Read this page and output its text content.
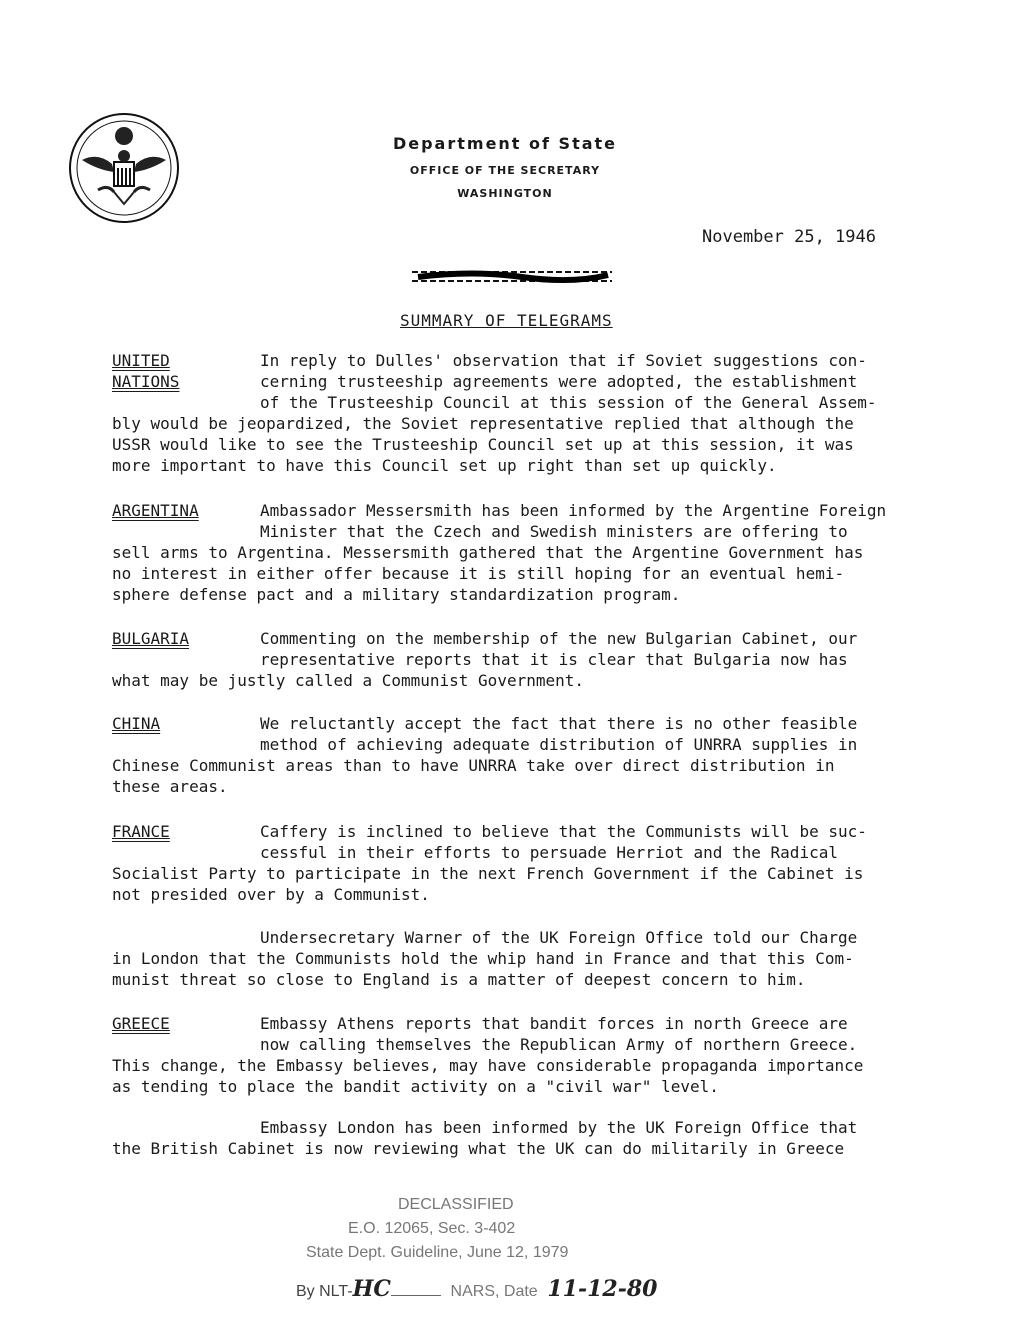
Department of State
OFFICE OF THE SECRETARY
WASHINGTON
November 25, 1946
SUMMARY OF TELEGRAMS
UNITED
NATIONS
In reply to Dulles' observation that if Soviet suggestions con-
cerning trusteeship agreements were adopted, the establishment
of the Trusteeship Council at this session of the General Assem-
bly would be jeopardized, the Soviet representative replied that although the
USSR would like to see the Trusteeship Council set up at this session, it was
more important to have this Council set up right than set up quickly.
ARGENTINA	Ambassador Messersmith has been informed by the Argentine Foreign
Minister that the Czech and Swedish ministers are offering to
sell arms to Argentina. Messersmith gathered that the Argentine Government has
no interest in either offer because it is still hoping for an eventual hemi-
sphere defense pact and a military standardization program.
BULGARIA	Commenting on the membership of the new Bulgarian Cabinet, our
representative reports that it is clear that Bulgaria now has
what may be justly called a Communist Government.
CHINA	We reluctantly accept the fact that there is no other feasible
method of achieving adequate distribution of UNRRA supplies in
Chinese Communist areas than to have UNRRA take over direct distribution in
these areas.
FRANCE	Caffery is inclined to believe that the Communists will be suc-
cessful in their efforts to persuade Herriot and the Radical
Socialist Party to participate in the next French Government if the Cabinet is
not presided over by a Communist.
Undersecretary Warner of the UK Foreign Office told our Charge
in London that the Communists hold the whip hand in France and that this Com-
munist threat so close to England is a matter of deepest concern to him.
GREECE	Embassy Athens reports that bandit forces in north Greece are
now calling themselves the Republican Army of northern Greece.
This change, the Embassy believes, may have considerable propaganda importance
as tending to place the bandit activity on a "civil war" level.
Embassy London has been informed by the UK Foreign Office that
the British Cabinet is now reviewing what the UK can do militarily in Greece
DECLASSIFIED
E.O. 12065, Sec. 3-402
State Dept. Guideline, June 12, 1979
By NLT-HC	NARS, Date 11-12-80
